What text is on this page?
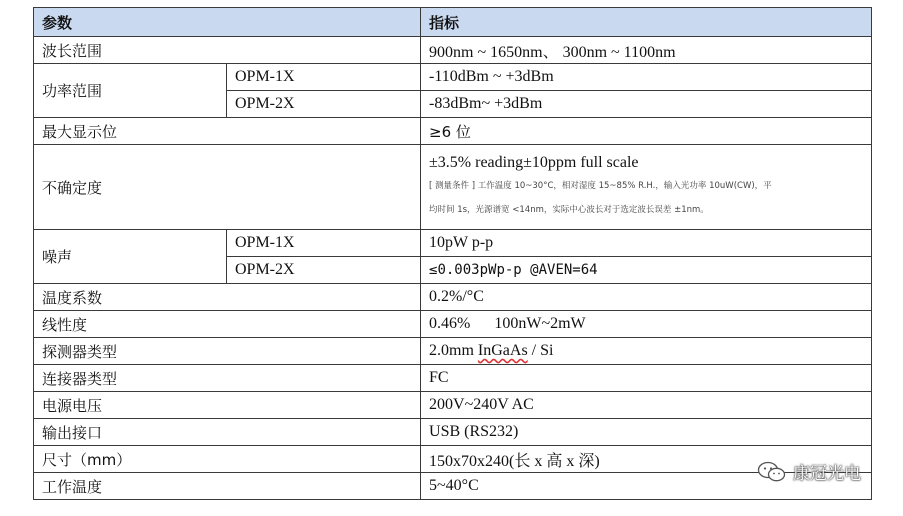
参数		指标
波长范围		900nm ~ 1650nm、 300nm ~ 1100nm
功率范围	OPM-1X	-110dBm ~ +3dBm
	OPM-2X	-83dBm~ +3dBm
最大显示位		≥6 位
不确定度		±3.5% reading±10ppm full scale
[ 测量条件 ] 工作温度 10~30°C，相对湿度 15~85% R.H.，输入光功率 10uW(CW)，平
均时间 1s，光源谱宽 <14nm，实际中心波长对于选定波长误差 ±1nm。

噪声	OPM-1X	10pW p-p
	OPM-2X	≤0.003pWp-p @AVEN=64
温度系数		0.2%/°C
线性度		0.46%      100nW~2mW
探测器类型		2.0mm InGaAs / Si
连接器类型		FC
电源电压		200V~240V AC
输出接口		USB (RS232)
尺寸（mm）		150x70x240(长 x 高 x 深)
工作温度		5~40°C
康冠光电
